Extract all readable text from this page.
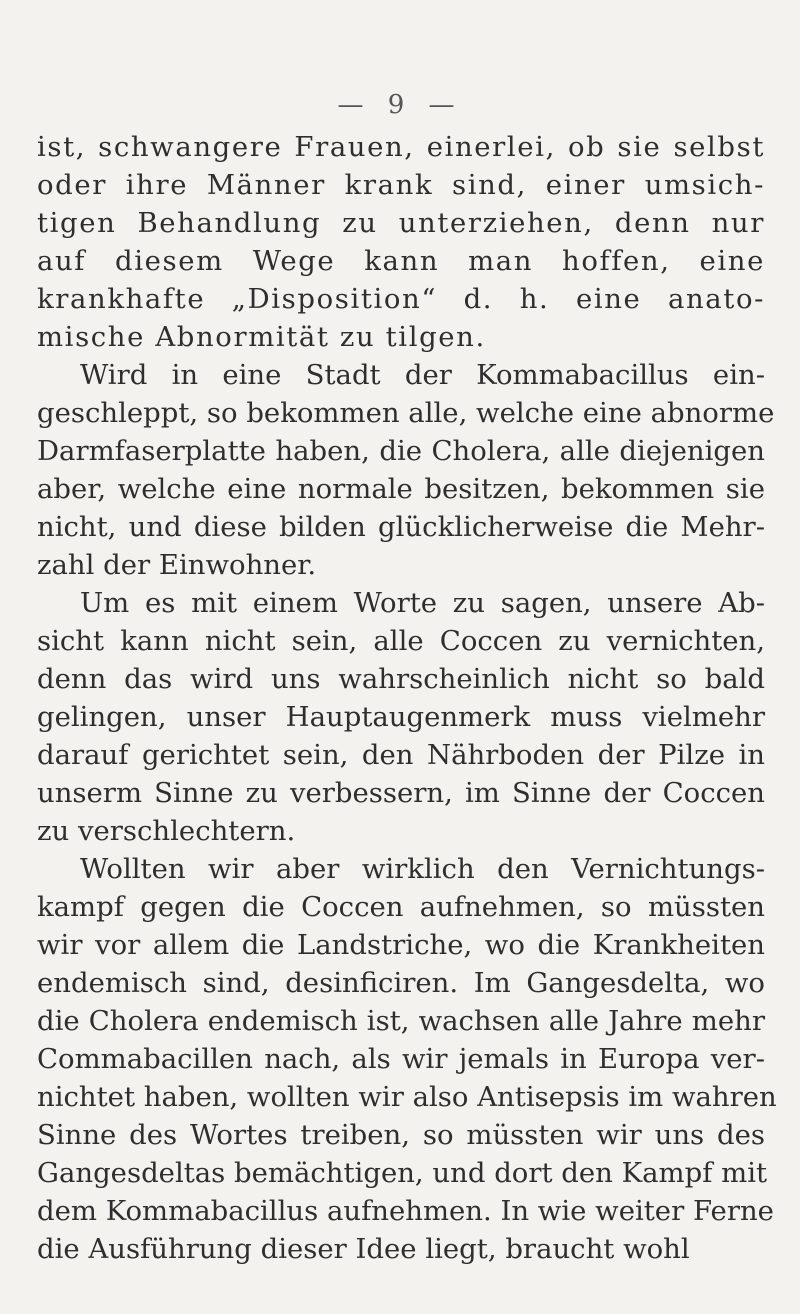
— 9 —
ist, schwangere Frauen, einerlei, ob sie selbst
oder ihre Männer krank sind, einer umsich-
tigen Behandlung zu unterziehen, denn nur
auf diesem Wege kann man hoffen, eine
krankhafte „Disposition“ d. h. eine anato-
mische Abnormität zu tilgen.
Wird in eine Stadt der Kommabacillus ein-
geschleppt, so bekommen alle, welche eine abnorme
Darmfaserplatte haben, die Cholera, alle diejenigen
aber, welche eine normale besitzen, bekommen sie
nicht, und diese bilden glücklicherweise die Mehr-
zahl der Einwohner.
Um es mit einem Worte zu sagen, unsere Ab-
sicht kann nicht sein, alle Coccen zu vernichten,
denn das wird uns wahrscheinlich nicht so bald
gelingen, unser Hauptaugenmerk muss vielmehr
darauf gerichtet sein, den Nährboden der Pilze in
unserm Sinne zu verbessern, im Sinne der Coccen
zu verschlechtern.
Wollten wir aber wirklich den Vernichtungs-
kampf gegen die Coccen aufnehmen, so müssten
wir vor allem die Landstriche, wo die Krankheiten
endemisch sind, desinficiren. Im Gangesdelta, wo
die Cholera endemisch ist, wachsen alle Jahre mehr
Commabacillen nach, als wir jemals in Europa ver-
nichtet haben, wollten wir also Antisepsis im wahren
Sinne des Wortes treiben, so müssten wir uns des
Gangesdeltas bemächtigen, und dort den Kampf mit
dem Kommabacillus aufnehmen. In wie weiter Ferne
die Ausführung dieser Idee liegt, braucht wohl
